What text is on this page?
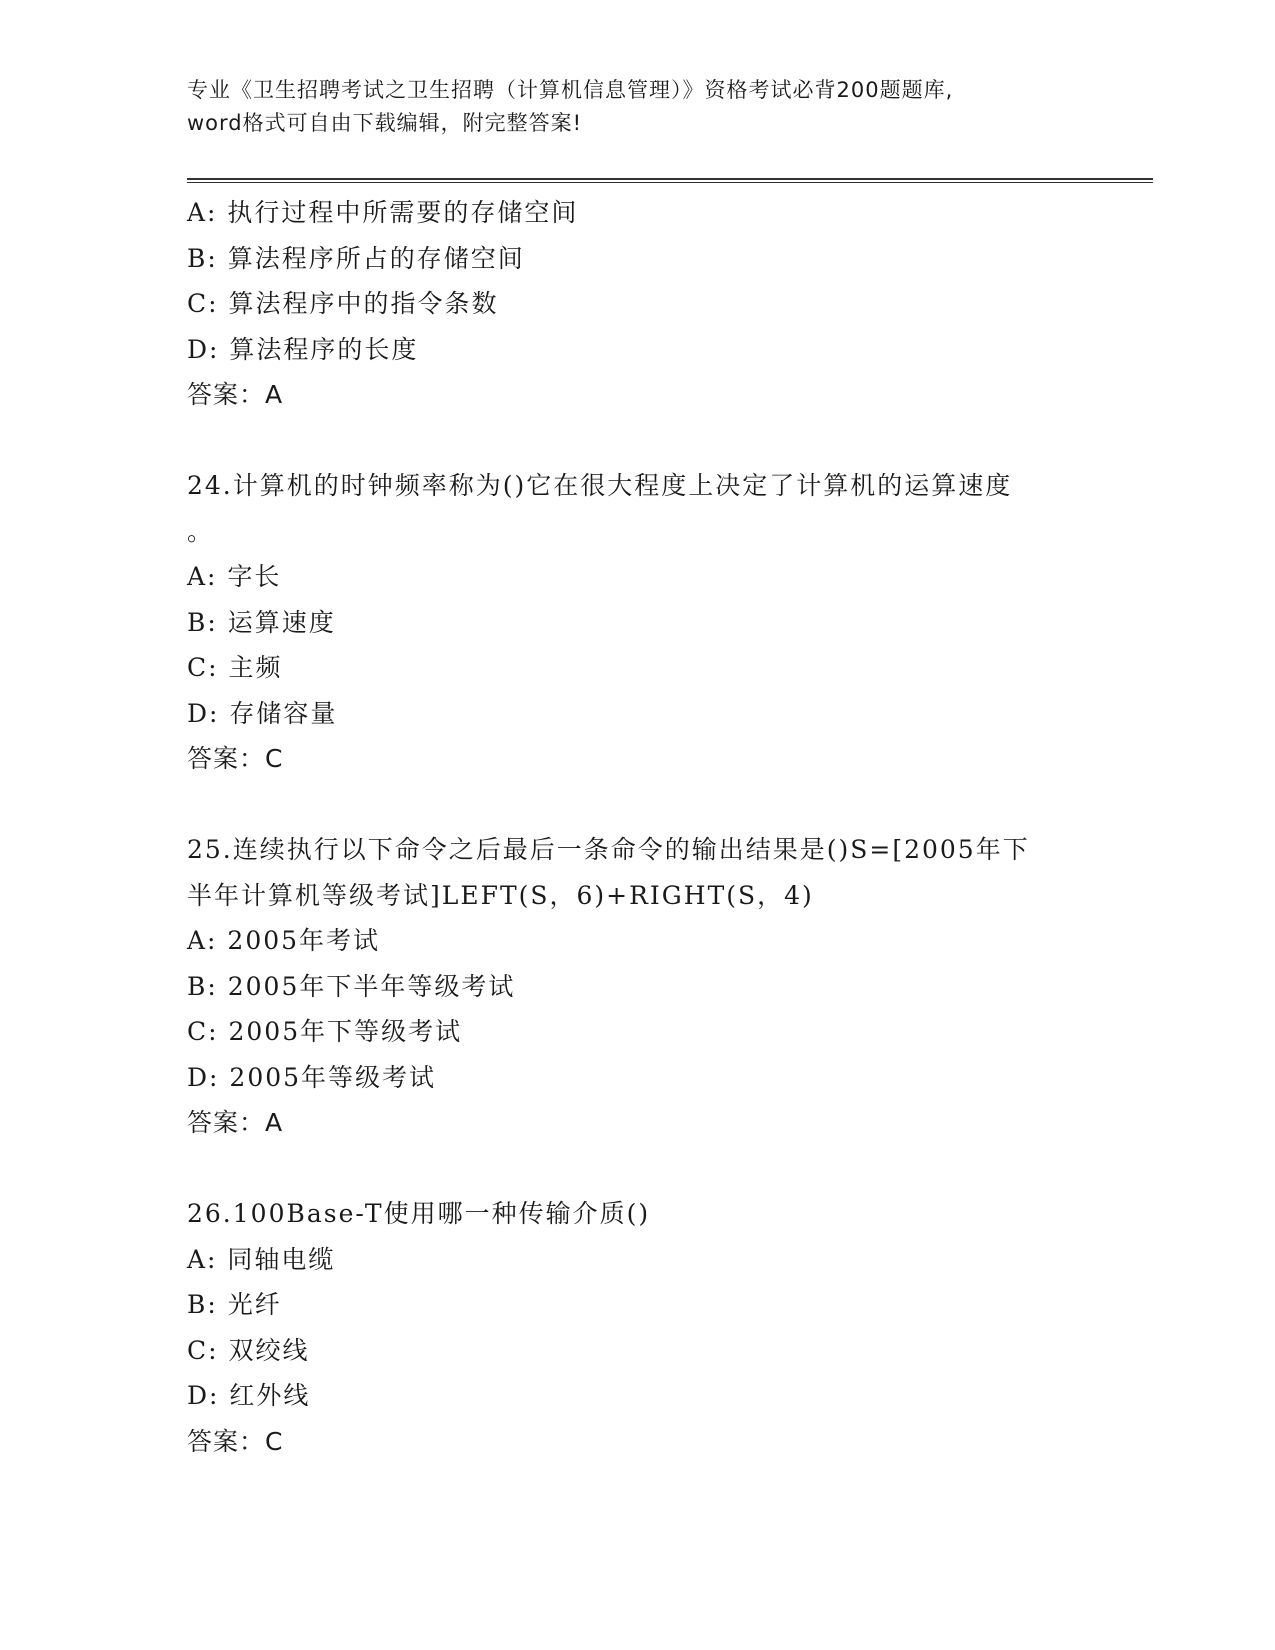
专业《卫生招聘考试之卫生招聘（计算机信息管理）》资格考试必背200题题库,
word格式可自由下载编辑，附完整答案!
A: 执行过程中所需要的存储空间
B: 算法程序所占的存储空间
C: 算法程序中的指令条数
D: 算法程序的长度
答案：A
24.计算机的时钟频率称为()它在很大程度上决定了计算机的运算速度
。
A: 字长
B: 运算速度
C: 主频
D: 存储容量
答案：C
25.连续执行以下命令之后最后一条命令的输出结果是()S=[2005年下
半年计算机等级考试]LEFT(S，6)+RIGHT(S，4)
A: 2005年考试
B: 2005年下半年等级考试
C: 2005年下等级考试
D: 2005年等级考试
答案：A
26.100Base-T使用哪一种传输介质()
A: 同轴电缆
B: 光纤
C: 双绞线
D: 红外线
答案：C
